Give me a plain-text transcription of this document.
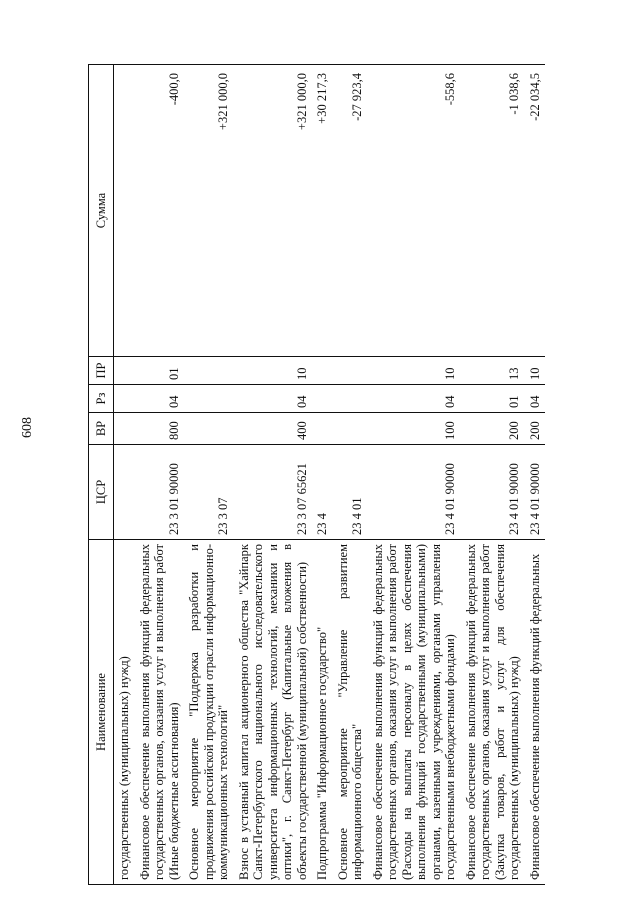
608
Наименование	ЦСР	ВР	Рз	ПР	Сумма
государственных (муниципальных) нужд)					
Финансовое обеспечение выполнения функций федеральных государственных органов, оказания услуг и выполнения работ (Иные бюджетные ассигнования)	23 3 01 90000	800	04	01	-400,0
Основное мероприятие "Поддержка разработки и продвижения российской продукции отрасли информационно-коммуникационных технологий"	23 3 07				+321 000,0
Взнос в уставный капитал акционерного общества "Хайпарк Санкт-Петербургского национального исследовательского университета информационных технологий, механики и оптики", г. Санкт-Петербург (Капитальные вложения в объекты государственной (муниципальной) собственности)	23 3 07 65621	400	04	10	+321 000,0
Подпрограмма "Информационное государство"	23 4				+30 217,3
Основное мероприятие "Управление развитием информационного общества"	23 4 01				-27 923,4
Финансовое обеспечение выполнения функций федеральных государственных органов, оказания услуг и выполнения работ (Расходы на выплаты персоналу в целях обеспечения выполнения функций государственными (муниципальными) органами, казенными учреждениями, органами управления государственными внебюджетными фондами)	23 4 01 90000	100	04	10	-558,6
Финансовое обеспечение выполнения функций федеральных государственных органов, оказания услуг и выполнения работ (Закупка товаров, работ и услуг для обеспечения государственных (муниципальных) нужд)	23 4 01 90000	200	01	13	-1 038,6
Финансовое обеспечение выполнения функций федеральных	23 4 01 90000	200	04	10	-22 034,5
